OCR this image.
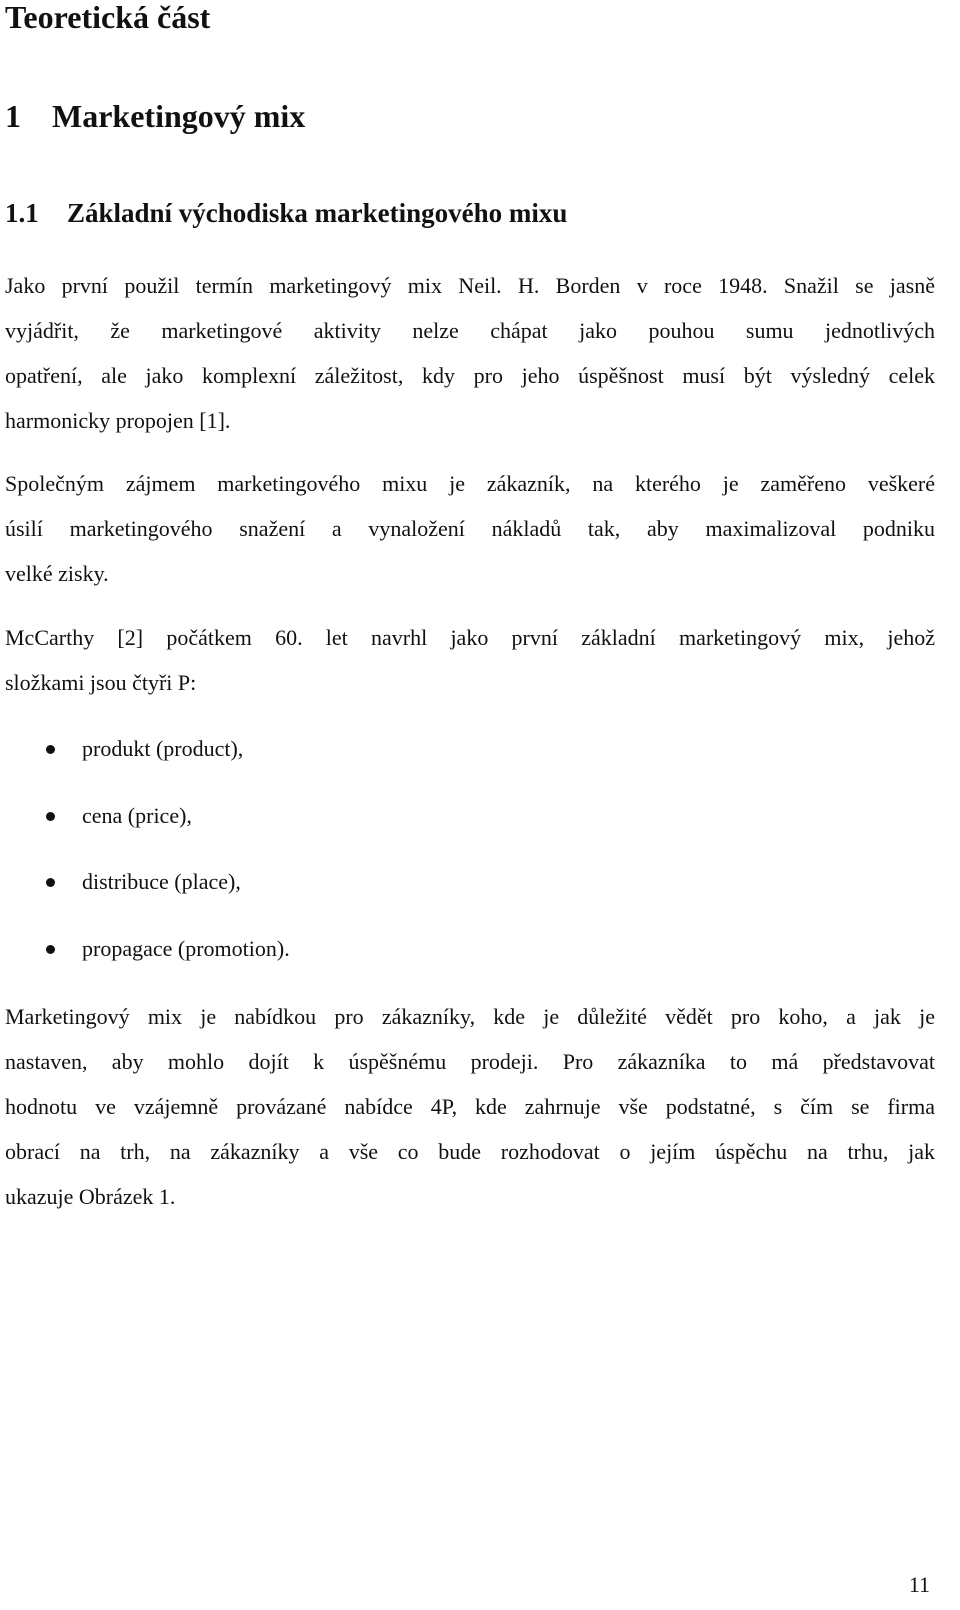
Teoretická část
1 Marketingový mix
1.1 Základní východiska marketingového mixu

Jako první použil termín marketingový mix Neil. H. Borden v roce 1948. Snažil se jasně
vyjádřit, že marketingové aktivity nelze chápat jako pouhou sumu jednotlivých
opatření, ale jako komplexní záležitost, kdy pro jeho úspěšnost musí být výsledný celek
harmonicky propojen [1].

Společným zájmem marketingového mixu je zákazník, na kterého je zaměřeno veškeré
úsilí marketingového snažení a vynaložení nákladů tak, aby maximalizoval podniku
velké zisky.

McCarthy [2] počátkem 60. let navrhl jako první základní marketingový mix, jehož
složkami jsou čtyři P:

produkt (product),
cena (price),
distribuce (place),
propagace (promotion).

Marketingový mix je nabídkou pro zákazníky, kde je důležité vědět pro koho, a jak je
nastaven, aby mohlo dojít k úspěšnému prodeji. Pro zákazníka to má představovat
hodnotu ve vzájemně provázané nabídce 4P, kde zahrnuje vše podstatné, s čím se firma
obrací na trh, na zákazníky a vše co bude rozhodovat o jejím úspěchu na trhu, jak
ukazuje Obrázek 1.

11
